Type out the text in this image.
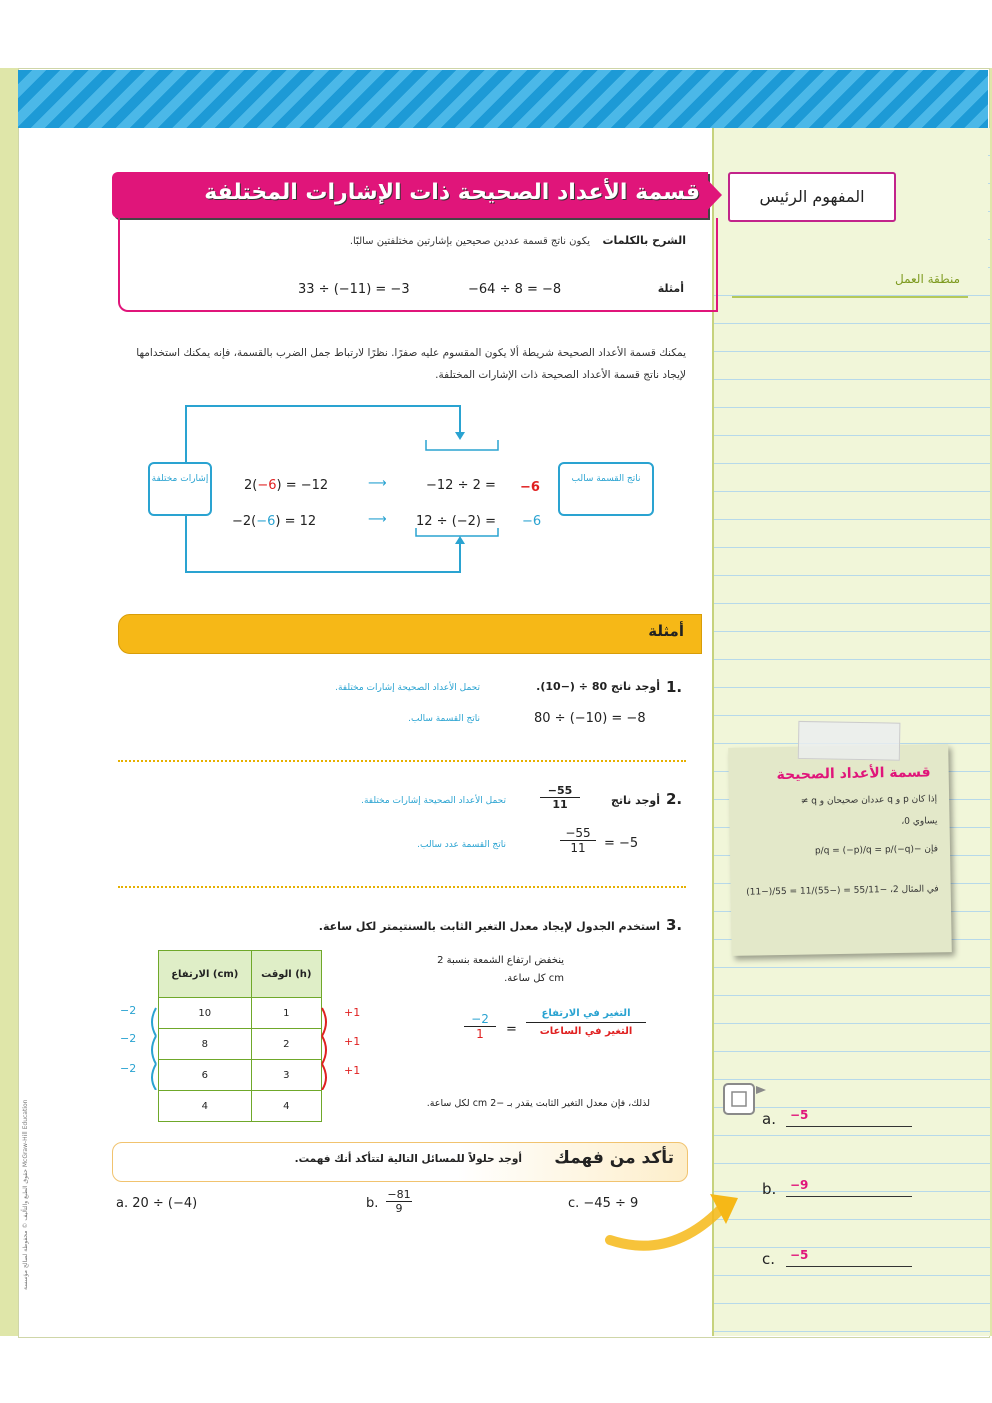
حقوق الطبع والتأليف © محفوظة لصالح مؤسسة McGraw-Hill Education
المفهوم الرئيس
منطقة العمل
قسمة الأعداد الصحيحة ذات الإشارات المختلفة
الشرح بالكلمات
يكون ناتج قسمة عددين صحيحين بإشارتين مختلفتين سالبًا.
أمثلة
33 ÷ (−11) = −3	−64 ÷ 8 = −8
يمكنك قسمة الأعداد الصحيحة شريطة ألا يكون المقسوم عليه صفرًا. نظرًا لارتباط جمل الضرب بالقسمة، فإنه يمكنك استخدامها لإيجاد ناتج قسمة الأعداد الصحيحة ذات الإشارات المختلفة.
إشارات مختلفة	ناتج القسمة سالب
2(−6) = −12	⟶	−12 ÷ 2 = −6
−2(−6) = 12	⟶ 12 ÷ (−2) = −6
أمثلة
1.
أوجد ناتج 80 ÷ (−10).
تحمل الأعداد الصحيحة إشارات مختلفة.
ناتج القسمة سالب.	80 ÷ (−10) = −8
2.
أوجد ناتج
$\frac{-55}{11}$
تحمل الأعداد الصحيحة إشارات مختلفة.
ناتج القسمة عدد سالب.	$\frac{-55}{11} = -5$
3.
استخدم الجدول لإيجاد معدل التغير الثابت بالسنتيمتر لكل ساعة.
ينخفض ارتفاع الشمعة بنسبة 2 cm كل ساعة.
الارتفاع (cm)	الوقت (h)
10	1
8	2
6	3
4	4
−2
−2
−2
+1
+1
+1
التغير في الارتفاع
التغير في الساعات
=
$\frac{-2}{1}$
لذلك، فإن معدل التغير الثابت يقدر بـ −2 cm لكل ساعة.
تأكد من فهمك
أوجد حلولاً للمسائل التالية لتتأكد أنك فهمت.
a. 20 ÷ (−4)	b. $\frac{-81}{9}$	c. −45 ÷ 9
قسمة الأعداد الصحيحة
إذا كان p و q عددان صحيحان و q ≠
يساوي 0،
فإن −p/q = (−p)/q = p/(−q)
في المثال 2، −55/11 = (−55)/11 = 55/(−11)
a. −5
b. −9
c. −5
